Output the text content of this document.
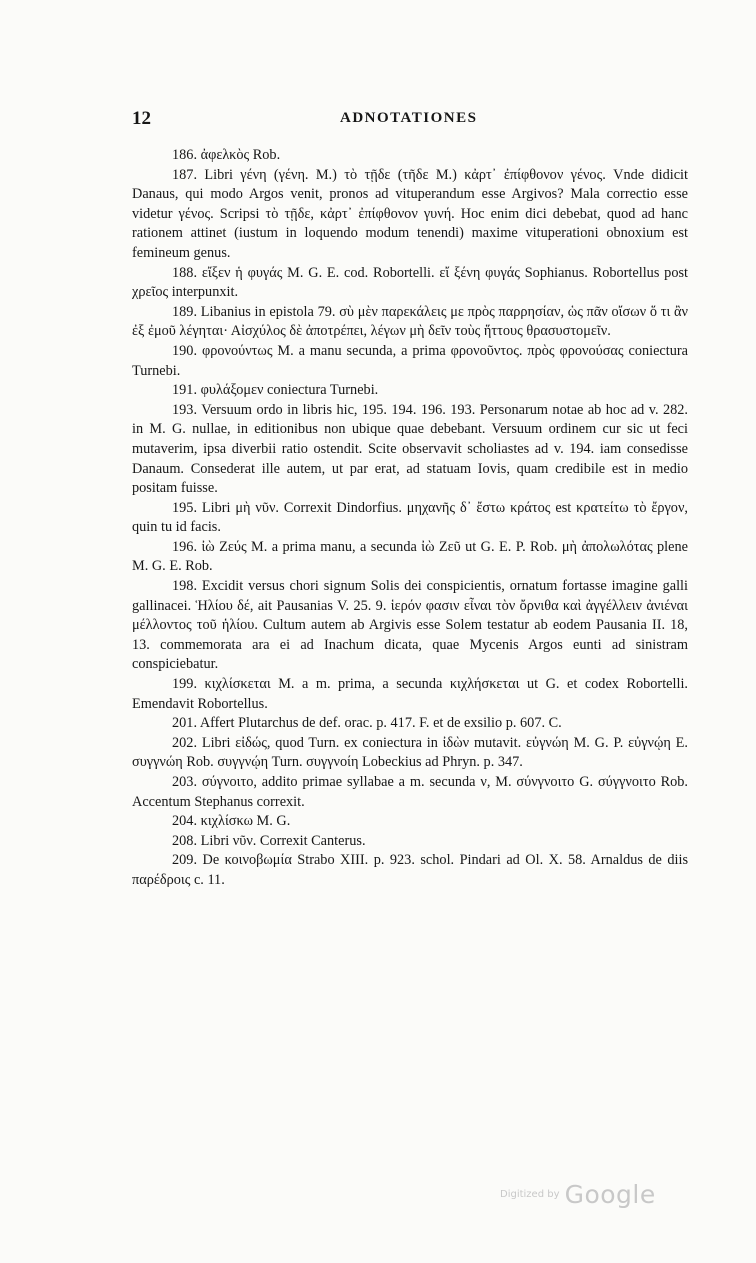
12	ADNOTATIONES

186. ἀφελκὸς Rob.

187. Libri γένη (γένη. M.) τὸ τῇδε (τῆδε M.) κἀρτ᾽ ἐπίφθονον γένος. Vnde didicit Danaus, qui modo Argos venit, pronos ad vituperandum esse Argivos? Mala correctio esse videtur γένος. Scripsi τὸ τῇδε, κἀρτ᾽ ἐπίφθονον γυνή. Hoc enim dici debebat, quod ad hanc rationem attinet (iustum in loquendo modum tenendi) maxime vituperationi obnoxium est femineum genus.

188. εἴξεν ἡ φυγάς M. G. E. cod. Robortelli. εἴ ξένη φυγάς Sophianus. Robortellus post χρεῖος interpunxit.

189. Libanius in epistola 79. σὺ μὲν παρεκάλεις με πρὸς παρρησίαν, ὡς πᾶν οἴσων ὅ τι ἂν ἐξ ἐμοῦ λέγηται· Αἰσχύλος δὲ ἀποτρέπει, λέγων μὴ δεῖν τοὺς ἥττους θρασυστομεῖν.

190. φρονούντως M. a manu secunda, a prima φρονοῦντος. πρὸς φρονούσας coniectura Turnebi.

191. φυλάξομεν coniectura Turnebi.

193. Versuum ordo in libris hic, 195. 194. 196. 193. Personarum notae ab hoc ad v. 282. in M. G. nullae, in editionibus non ubique quae debebant. Versuum ordinem cur sic ut feci mutaverim, ipsa diverbii ratio ostendit. Scite observavit scholiastes ad v. 194. iam consedisse Danaum. Consederat ille autem, ut par erat, ad statuam Iovis, quam credibile est in medio positam fuisse.

195. Libri μὴ νῦν. Correxit Dindorfius. μηχανῆς δ᾽ ἔστω κράτος est κρατείτω τὸ ἔργον, quin tu id facis.

196. ἰὼ Ζεύς M. a prima manu, a secunda ἰὼ Ζεῦ ut G. E. P. Rob. μὴ ἀπολωλότας plene M. G. E. Rob.

198. Excidit versus chori signum Solis dei conspicientis, ornatum fortasse imagine galli gallinacei. Ἡλίου δέ, ait Pausanias V. 25. 9. ἱερόν φασιν εἶναι τὸν ὄρνιθα καὶ ἀγγέλλειν ἀνιέναι μέλλοντος τοῦ ἡλίου. Cultum autem ab Argivis esse Solem testatur ab eodem Pausania II. 18, 13. commemorata ara ei ad Inachum dicata, quae Mycenis Argos eunti ad sinistram conspiciebatur.

199. κιχλίσκεται M. a m. prima, a secunda κιχλήσκεται ut G. et codex Robortelli. Emendavit Robortellus.

201. Affert Plutarchus de def. orac. p. 417. F. et de exsilio p. 607. C.

202. Libri εἰδώς, quod Turn. ex coniectura in ἰδὼν mutavit. εὐγνώη M. G. P. εὐγνῴη E. συγγνώη Rob. συγγνῴη Turn. συγγνοίη Lobeckius ad Phryn. p. 347.

203. σύγνοιτο, addito primae syllabae a m. secunda ν, M. σύνγνοιτο G. σύγγνοιτο Rob. Accentum Stephanus correxit.

204. κιχλίσκω M. G.

208. Libri νῦν. Correxit Canterus.

209. De κοινοβωμία Strabo XIII. p. 923. schol. Pindari ad Ol. X. 58. Arnaldus de diis παρέδροις c. 11.

Digitized by Google
